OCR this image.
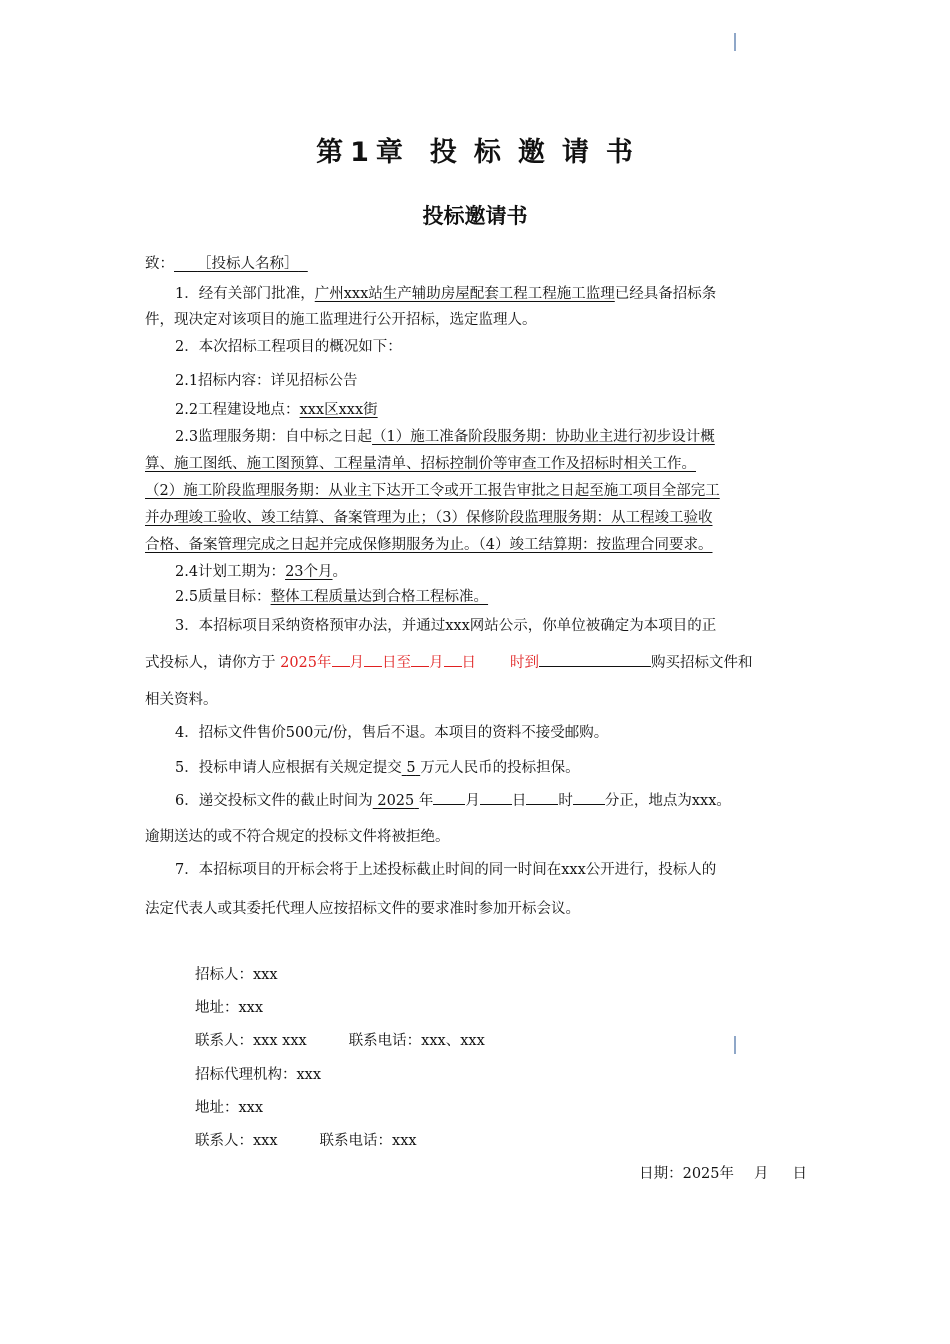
第 1 章 投 标 邀 请 书
投标邀请书
致： ［投标人名称］
1．经有关部门批准，广州xxx站生产辅助房屋配套工程工程施工监理已经具备招标条
件，现决定对该项目的施工监理进行公开招标，选定监理人。
2．本次招标工程项目的概况如下：
2.1招标内容：详见招标公告
2.2工程建设地点：xxx区xxx街
2.3监理服务期：自中标之日起（1）施工准备阶段服务期：协助业主进行初步设计概
算、施工图纸、施工图预算、工程量清单、招标控制价等审查工作及招标时相关工作。
（2）施工阶段监理服务期：从业主下达开工令或开工报告审批之日起至施工项目全部完工
并办理竣工验收、竣工结算、备案管理为止；（3）保修阶段监理服务期：从工程竣工验收
合格、备案管理完成之日起并完成保修期服务为止。（4）竣工结算期：按监理合同要求。
2.4计划工期为：23个月。
2.5质量目标：整体工程质量达到合格工程标准。
3．本招标项目采纳资格预审办法，并通过xxx网站公示，你单位被确定为本项目的正
式投标人，请你方于 2025年 月 日至 月 日 时到	购买招标文件和
相关资料。
4．招标文件售价500元/份，售后不退。本项目的资料不接受邮购。
5．投标申请人应根据有关规定提交 5 万元人民币的投标担保。
6．递交投标文件的截止时间为 2025 年 月 日 时 分正，地点为xxx。
逾期送达的或不符合规定的投标文件将被拒绝。
7．本招标项目的开标会将于上述投标截止时间的同一时间在xxx公开进行，投标人的
法定代表人或其委托代理人应按招标文件的要求准时参加开标会议。
招标人：xxx
地址：xxx
联系人：xxx xxx	联系电话：xxx、xxx
招标代理机构：xxx
地址：xxx
联系人：xxx	联系电话：xxx
日期：2025年 月 日
